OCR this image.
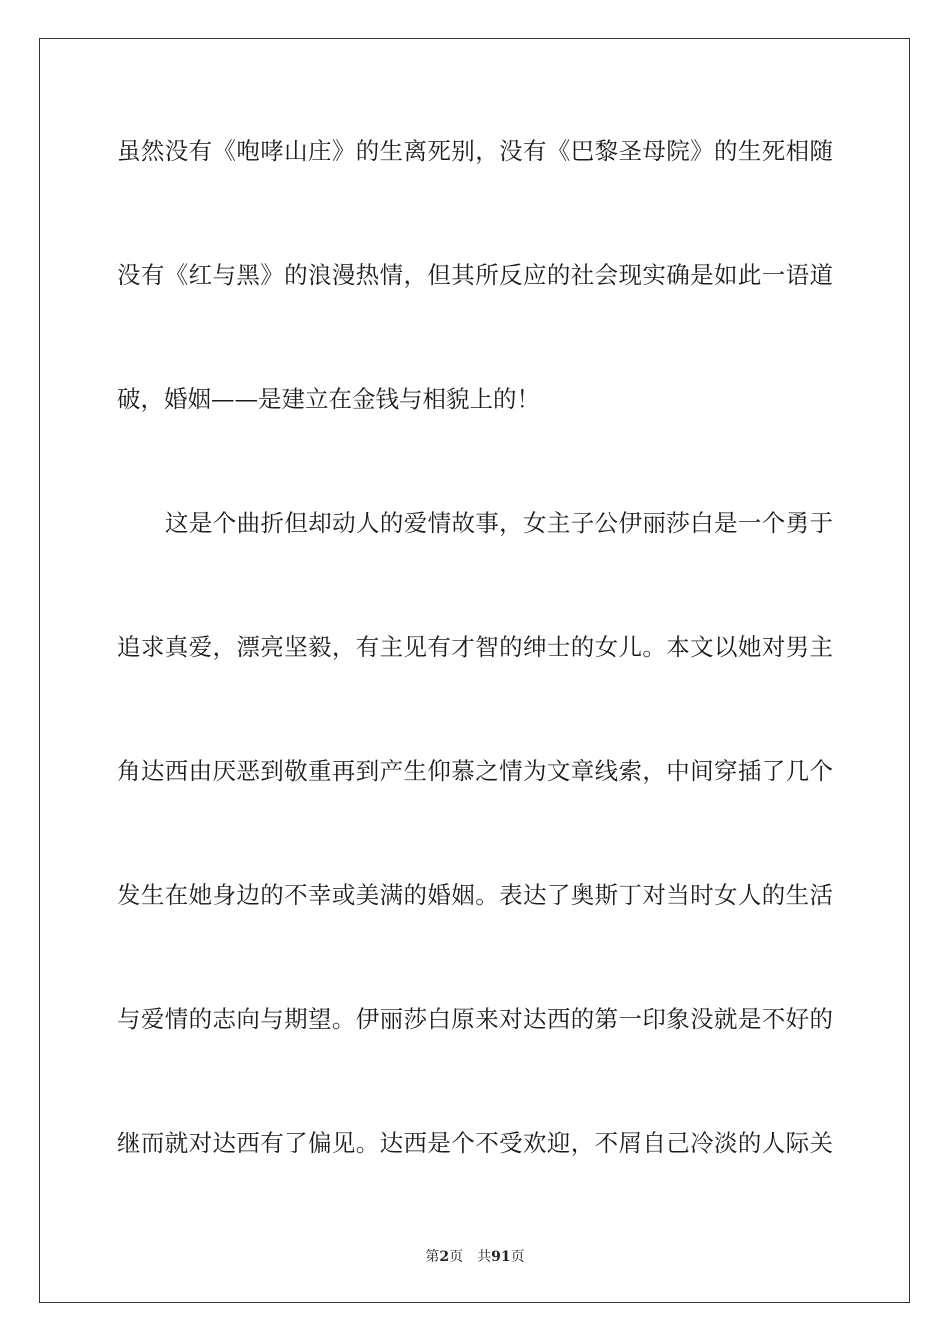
虽然没有《咆哮山庄》的生离死别，没有《巴黎圣母院》的生死相随
没有《红与黑》的浪漫热情，但其所反应的社会现实确是如此一语道
破，婚姻——是建立在金钱与相貌上的！
这是个曲折但却动人的爱情故事，女主子公伊丽莎白是一个勇于
追求真爱，漂亮坚毅，有主见有才智的绅士的女儿。本文以她对男主
角达西由厌恶到敬重再到产生仰慕之情为文章线索，中间穿插了几个
发生在她身边的不幸或美满的婚姻。表达了奥斯丁对当时女人的生活
与爱情的志向与期望。伊丽莎白原来对达西的第一印象没就是不好的
继而就对达西有了偏见。达西是个不受欢迎，不屑自己冷淡的人际关
第2页 共91页
